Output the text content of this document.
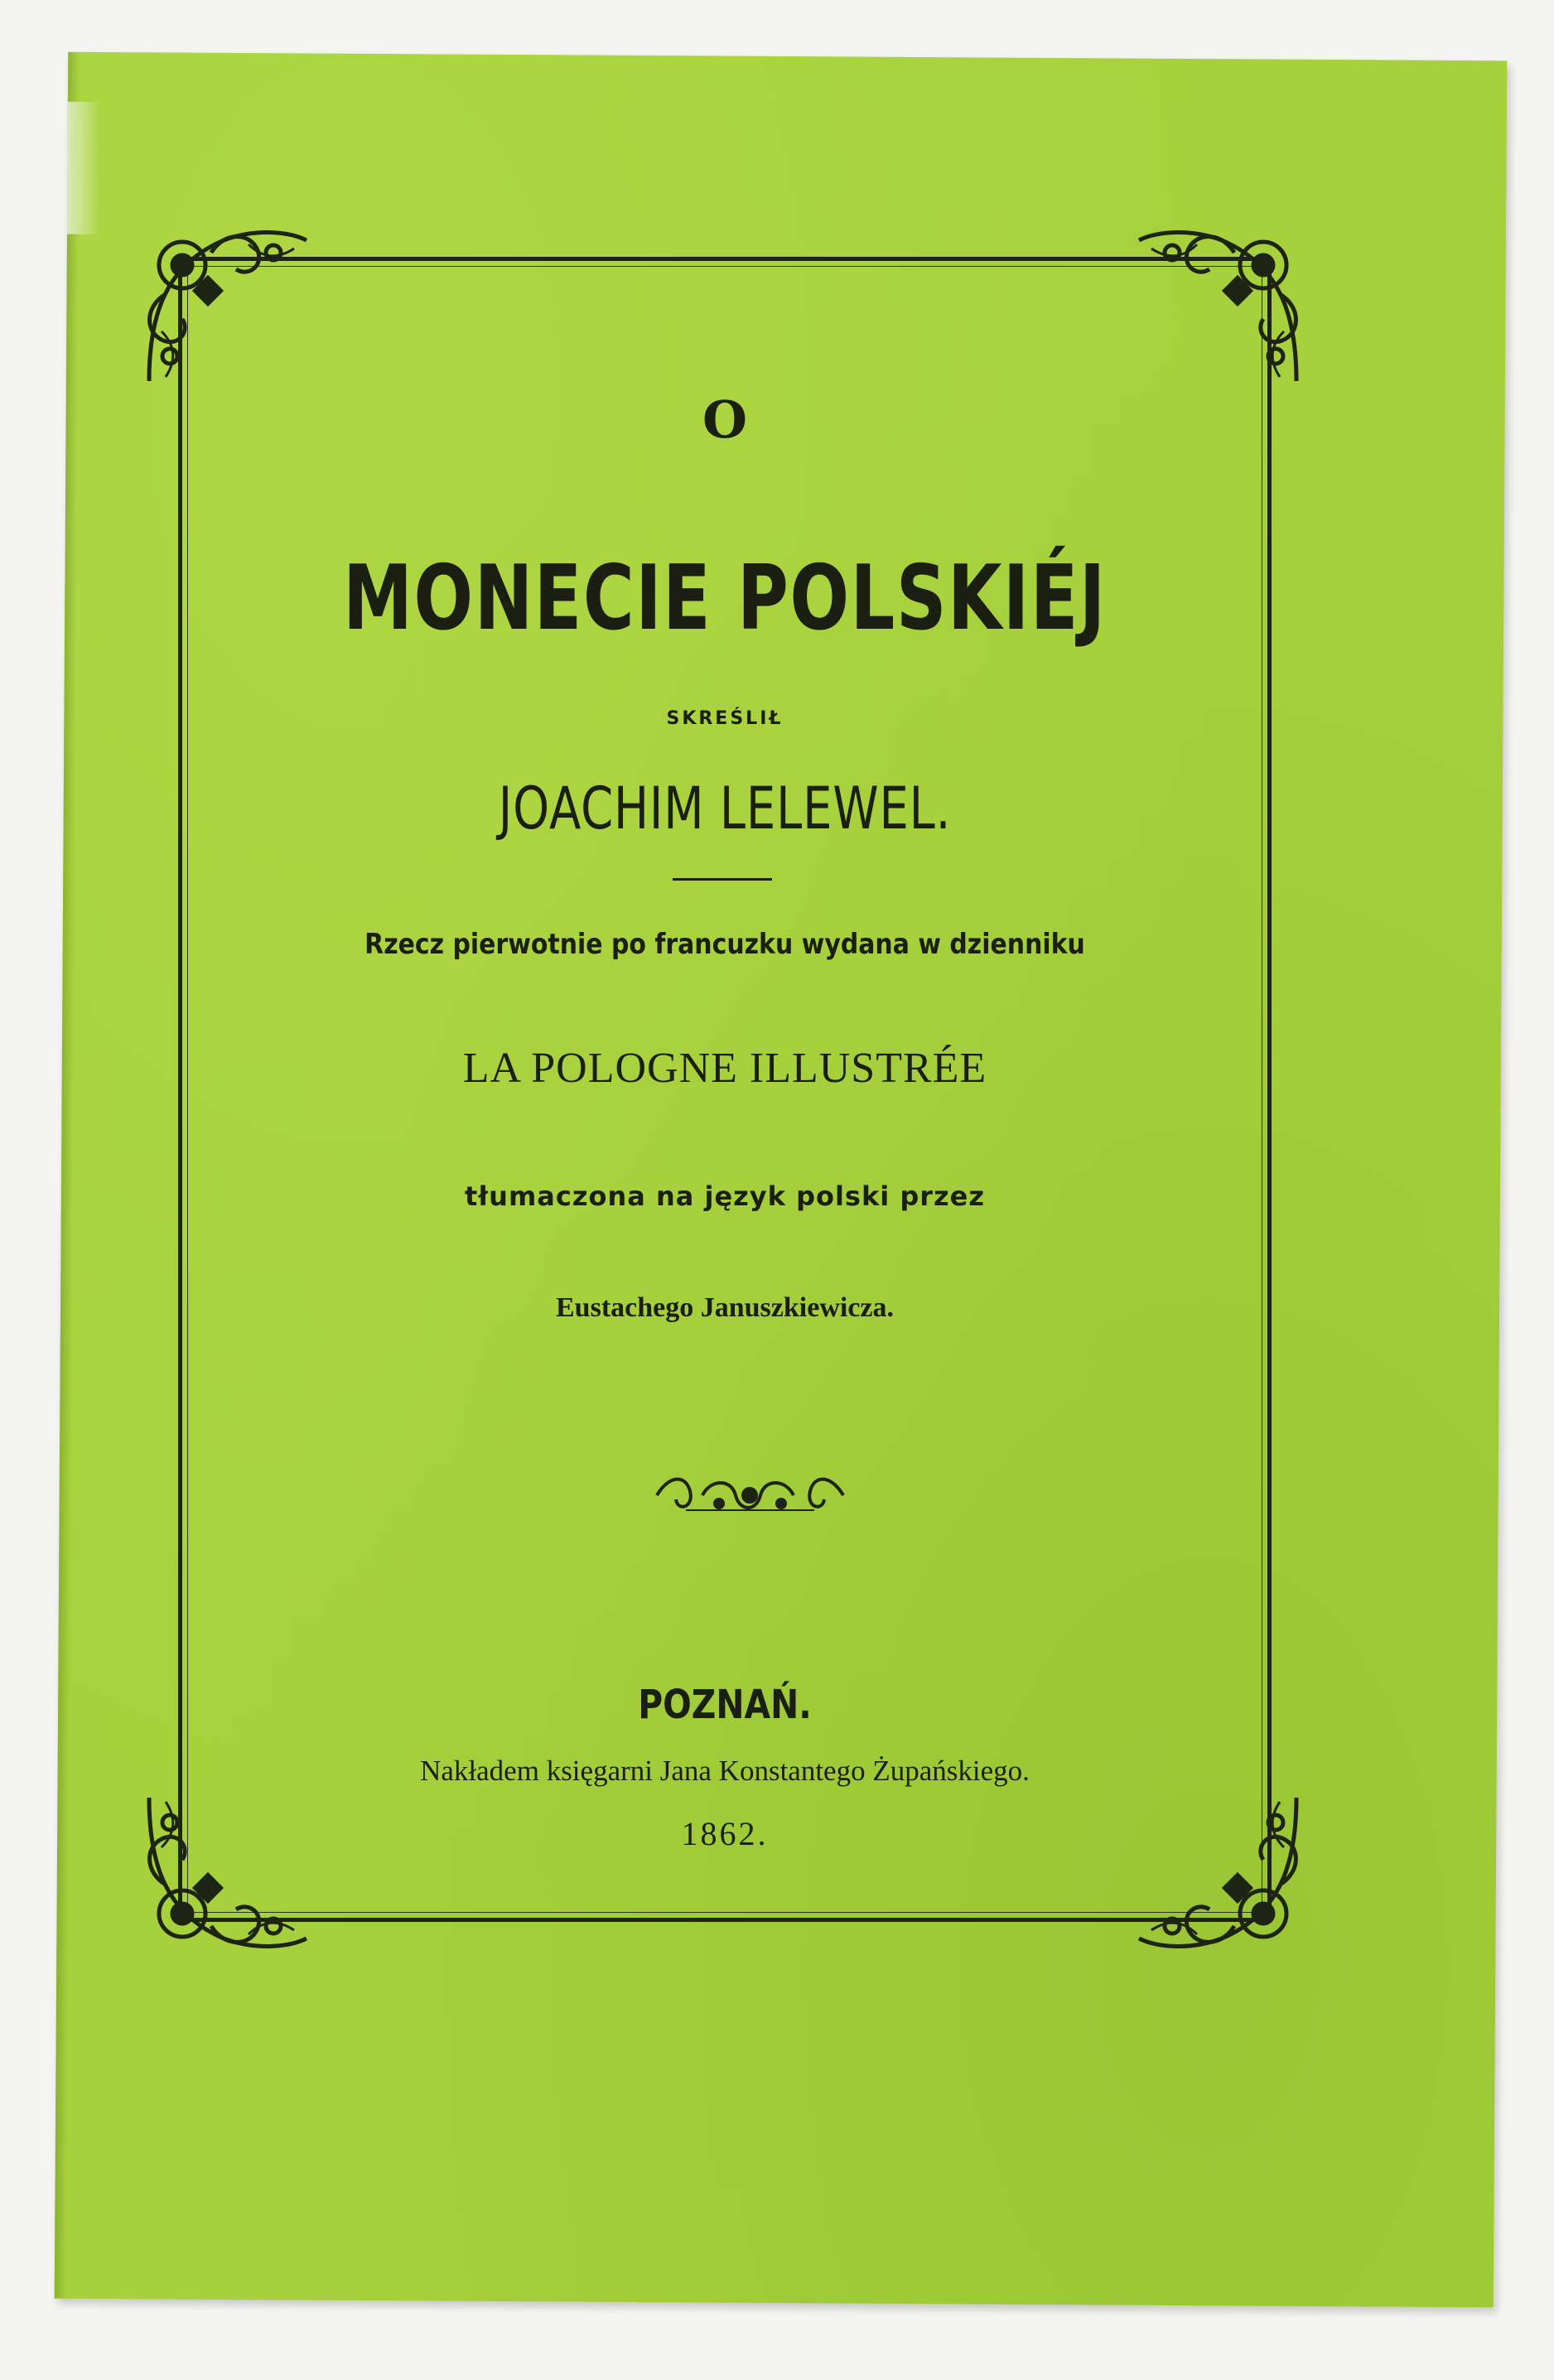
O
MONECIE POLSKIÉJ
SKREŚLIŁ
JOACHIM LELEWEL.
Rzecz pierwotnie po francuzku wydana w dzienniku
LA POLOGNE ILLUSTRÉE
tłumaczona na język polski przez
Eustachego Januszkiewicza.
POZNAŃ.
Nakładem księgarni Jana Konstantego Żupańskiego.
1862.
